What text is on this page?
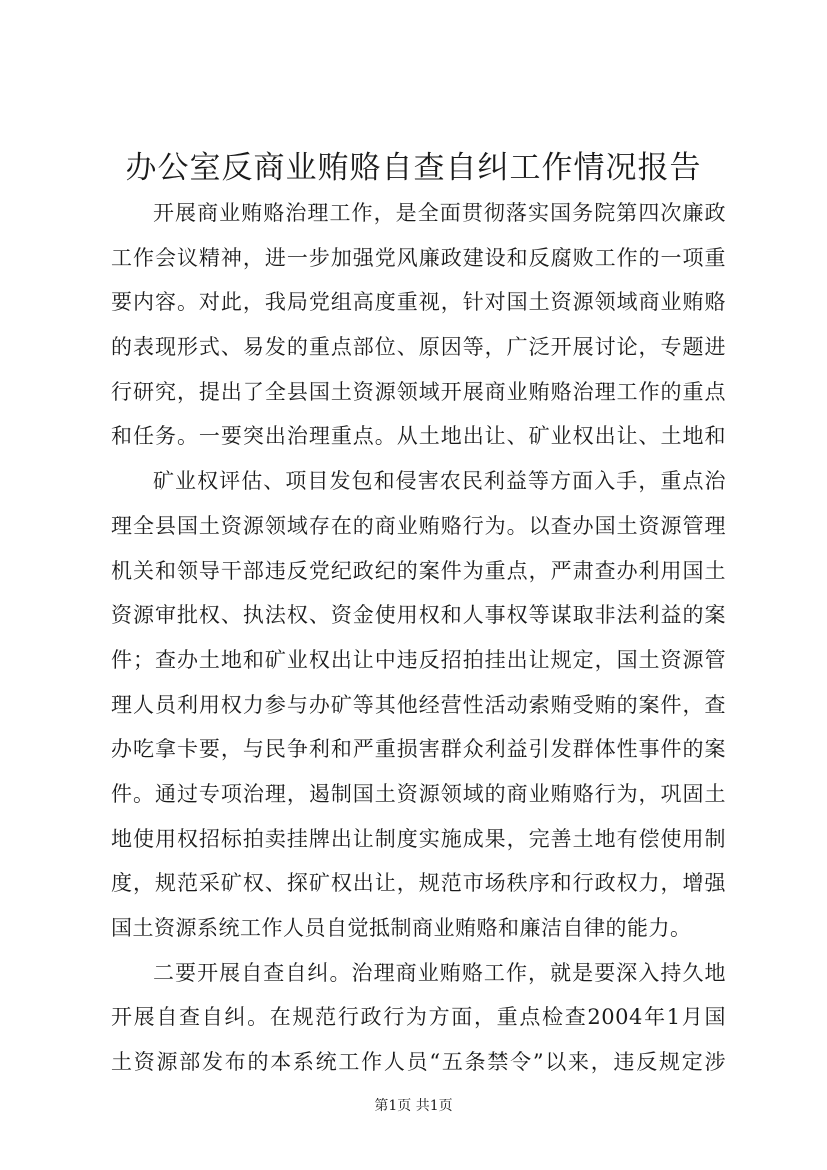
办公室反商业贿赂自查自纠工作情况报告
开展商业贿赂治理工作，是全面贯彻落实国务院第四次廉政
工作会议精神，进一步加强党风廉政建设和反腐败工作的一项重
要内容。对此，我局党组高度重视，针对国土资源领域商业贿赂
的表现形式、易发的重点部位、原因等，广泛开展讨论，专题进
行研究，提出了全县国土资源领域开展商业贿赂治理工作的重点
和任务。一要突出治理重点。从土地出让、矿业权出让、土地和
矿业权评估、项目发包和侵害农民利益等方面入手，重点治
理全县国土资源领域存在的商业贿赂行为。以查办国土资源管理
机关和领导干部违反党纪政纪的案件为重点，严肃查办利用国土
资源审批权、执法权、资金使用权和人事权等谋取非法利益的案
件；查办土地和矿业权出让中违反招拍挂出让规定，国土资源管
理人员利用权力参与办矿等其他经营性活动索贿受贿的案件，查
办吃拿卡要，与民争利和严重损害群众利益引发群体性事件的案
件。通过专项治理，遏制国土资源领域的商业贿赂行为，巩固土
地使用权招标拍卖挂牌出让制度实施成果，完善土地有偿使用制
度，规范采矿权、探矿权出让，规范市场秩序和行政权力，增强
国土资源系统工作人员自觉抵制商业贿赂和廉洁自律的能力。
二要开展自查自纠。治理商业贿赂工作，就是要深入持久地
开展自查自纠。在规范行政行为方面，重点检查2004年1月国
土资源部发布的本系统工作人员“五条禁令”以来，违反规定涉
第1页 共1页
